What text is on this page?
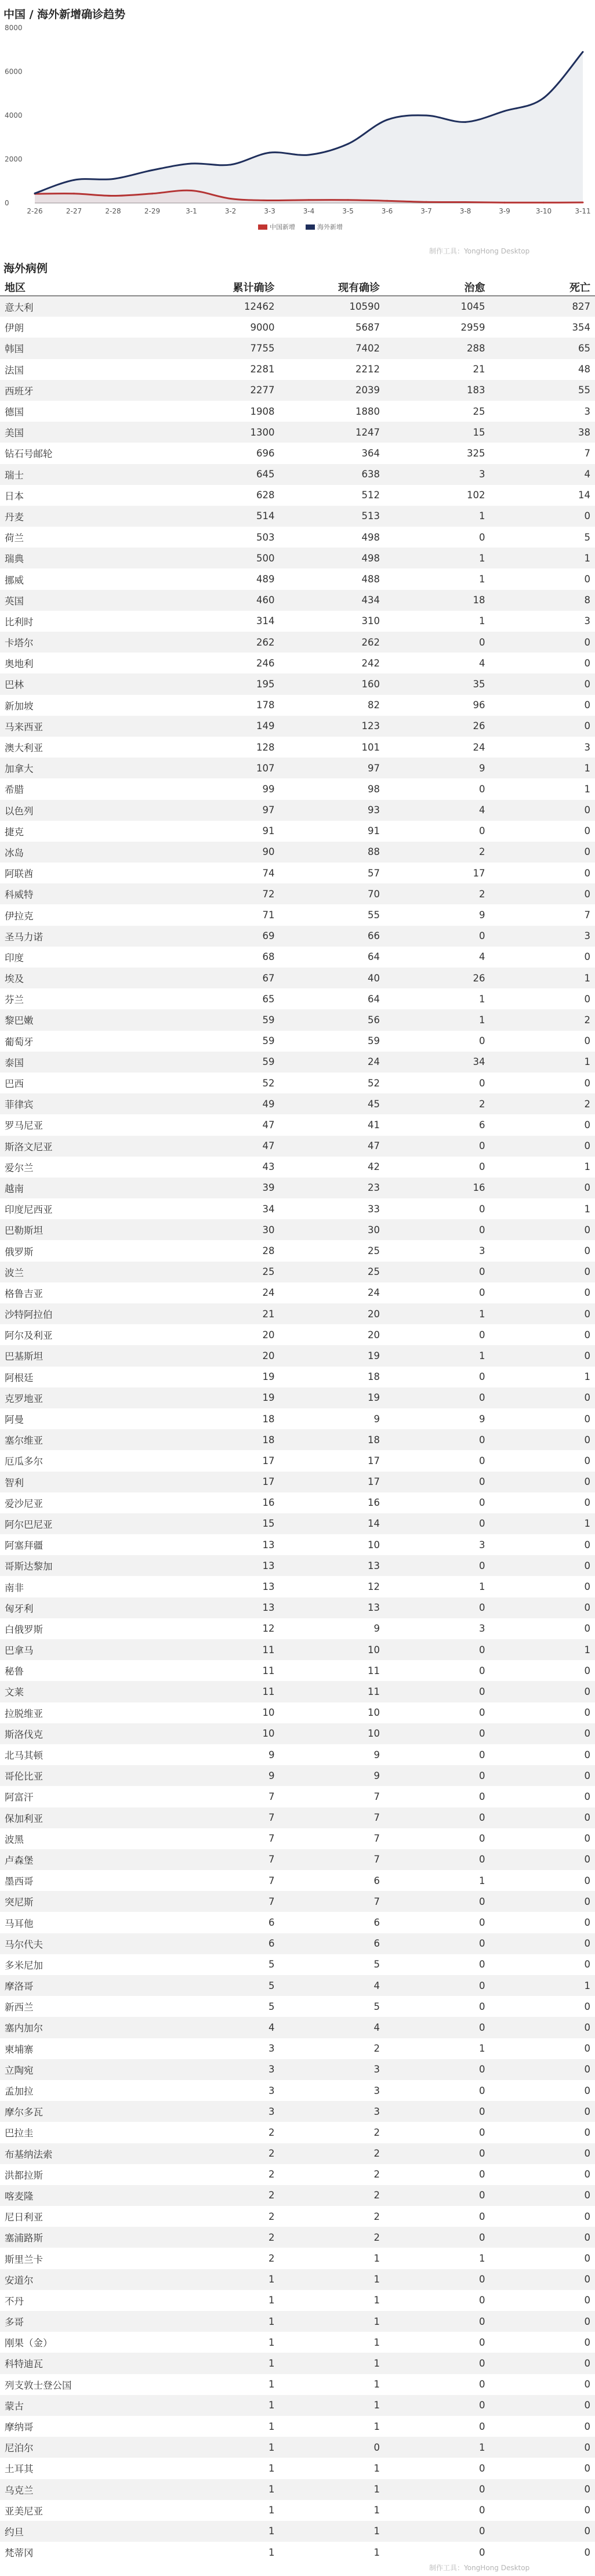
0
2000
4000
6000
8000
2-26	2-27	2-28	2-29	3-1	3-2	3-3	3-4	3-5	3-6	3-7	3-8	3-9	3-10	3-11
中国新增	海外新增
中国 / 海外新增确诊趋势
制作工具：YongHong Desktop
海外病例
地区	累计确诊	现有确诊	治愈	死亡
意大利	12462	10590	1045	827
伊朗	9000	5687	2959	354
韩国	7755	7402	288	65
法国	2281	2212	21	48
西班牙	2277	2039	183	55
德国	1908	1880	25	3
美国	1300	1247	15	38
钻石号邮轮	696	364	325	7
瑞士	645	638	3	4
日本	628	512	102	14
丹麦	514	513	1	0
荷兰	503	498	0	5
瑞典	500	498	1	1
挪威	489	488	1	0
英国	460	434	18	8
比利时	314	310	1	3
卡塔尔	262	262	0	0
奥地利	246	242	4	0
巴林	195	160	35	0
新加坡	178	82	96	0
马来西亚	149	123	26	0
澳大利亚	128	101	24	3
加拿大	107	97	9	1
希腊	99	98	0	1
以色列	97	93	4	0
捷克	91	91	0	0
冰岛	90	88	2	0
阿联酋	74	57	17	0
科威特	72	70	2	0
伊拉克	71	55	9	7
圣马力诺	69	66	0	3
印度	68	64	4	0
埃及	67	40	26	1
芬兰	65	64	1	0
黎巴嫩	59	56	1	2
葡萄牙	59	59	0	0
泰国	59	24	34	1
巴西	52	52	0	0
菲律宾	49	45	2	2
罗马尼亚	47	41	6	0
斯洛文尼亚	47	47	0	0
爱尔兰	43	42	0	1
越南	39	23	16	0
印度尼西亚	34	33	0	1
巴勒斯坦	30	30	0	0
俄罗斯	28	25	3	0
波兰	25	25	0	0
格鲁吉亚	24	24	0	0
沙特阿拉伯	21	20	1	0
阿尔及利亚	20	20	0	0
巴基斯坦	20	19	1	0
阿根廷	19	18	0	1
克罗地亚	19	19	0	0
阿曼	18	9	9	0
塞尔维亚	18	18	0	0
厄瓜多尔	17	17	0	0
智利	17	17	0	0
爱沙尼亚	16	16	0	0
阿尔巴尼亚	15	14	0	1
阿塞拜疆	13	10	3	0
哥斯达黎加	13	13	0	0
南非	13	12	1	0
匈牙利	13	13	0	0
白俄罗斯	12	9	3	0
巴拿马	11	10	0	1
秘鲁	11	11	0	0
文莱	11	11	0	0
拉脱维亚	10	10	0	0
斯洛伐克	10	10	0	0
北马其顿	9	9	0	0
哥伦比亚	9	9	0	0
阿富汗	7	7	0	0
保加利亚	7	7	0	0
波黑	7	7	0	0
卢森堡	7	7	0	0
墨西哥	7	6	1	0
突尼斯	7	7	0	0
马耳他	6	6	0	0
马尔代夫	6	6	0	0
多米尼加	5	5	0	0
摩洛哥	5	4	0	1
新西兰	5	5	0	0
塞内加尔	4	4	0	0
柬埔寨	3	2	1	0
立陶宛	3	3	0	0
孟加拉	3	3	0	0
摩尔多瓦	3	3	0	0
巴拉圭	2	2	0	0
布基纳法索	2	2	0	0
洪都拉斯	2	2	0	0
喀麦隆	2	2	0	0
尼日利亚	2	2	0	0
塞浦路斯	2	2	0	0
斯里兰卡	2	1	1	0
安道尔	1	1	0	0
不丹	1	1	0	0
多哥	1	1	0	0
刚果（金）	1	1	0	0
科特迪瓦	1	1	0	0
列支敦士登公国	1	1	0	0
蒙古	1	1	0	0
摩纳哥	1	1	0	0
尼泊尔	1	0	1	0
土耳其	1	1	0	0
乌克兰	1	1	0	0
亚美尼亚	1	1	0	0
约旦	1	1	0	0
梵蒂冈	1	1	0	0
制作工具：YongHong Desktop
